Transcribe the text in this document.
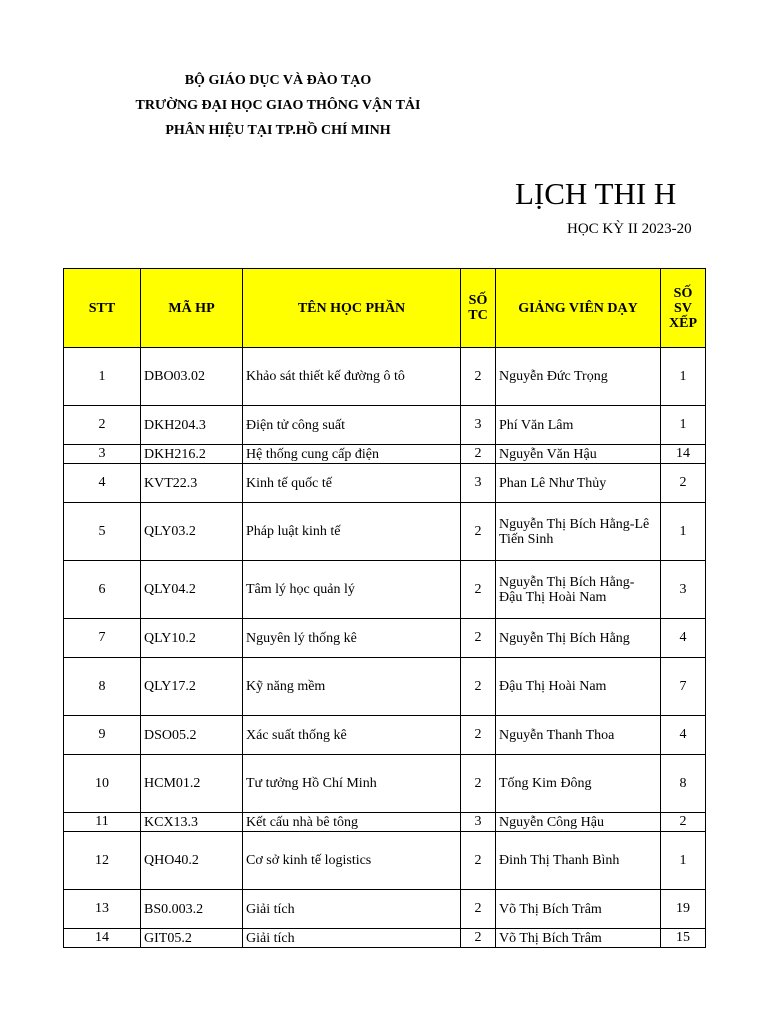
BỘ GIÁO DỤC VÀ ĐÀO TẠO
TRƯỜNG ĐẠI HỌC GIAO THÔNG VẬN TẢI
PHÂN HIỆU TẠI TP.HỒ CHÍ MINH
LỊCH THI H
HỌC KỲ II 2023-20
STT	MÃ HP	TÊN HỌC PHẦN	SỐ TC	GIẢNG VIÊN DẠY	SỐ SV XẾP
1	DBO03.02	Khảo sát thiết kế đường ô tô	2	Nguyễn Đức Trọng	1
2	DKH204.3	Điện tử công suất	3	Phí Văn Lâm	1
3	DKH216.2	Hệ thống cung cấp điện	2	Nguyễn Văn Hậu	14
4	KVT22.3	Kinh tế quốc tế	3	Phan Lê Như Thủy	2
5	QLY03.2	Pháp luật kinh tế	2	Nguyễn Thị Bích Hằng-Lê Tiến Sinh	1
6	QLY04.2	Tâm lý học quản lý	2	Nguyễn Thị Bích Hằng-Đậu Thị Hoài Nam	3
7	QLY10.2	Nguyên lý thống kê	2	Nguyễn Thị Bích Hằng	4
8	QLY17.2	Kỹ năng mềm	2	Đậu Thị Hoài Nam	7
9	DSO05.2	Xác suất thống kê	2	Nguyễn Thanh Thoa	4
10	HCM01.2	Tư tưởng Hồ Chí Minh	2	Tống Kim Đông	8
11	KCX13.3	Kết cấu nhà bê tông	3	Nguyễn Công Hậu	2
12	QHO40.2	Cơ sở kinh tế logistics	2	Đinh Thị Thanh Bình	1
13	BS0.003.2	Giải tích	2	Võ Thị Bích Trâm	19
14	GIT05.2	Giải tích	2	Võ Thị Bích Trâm	15
